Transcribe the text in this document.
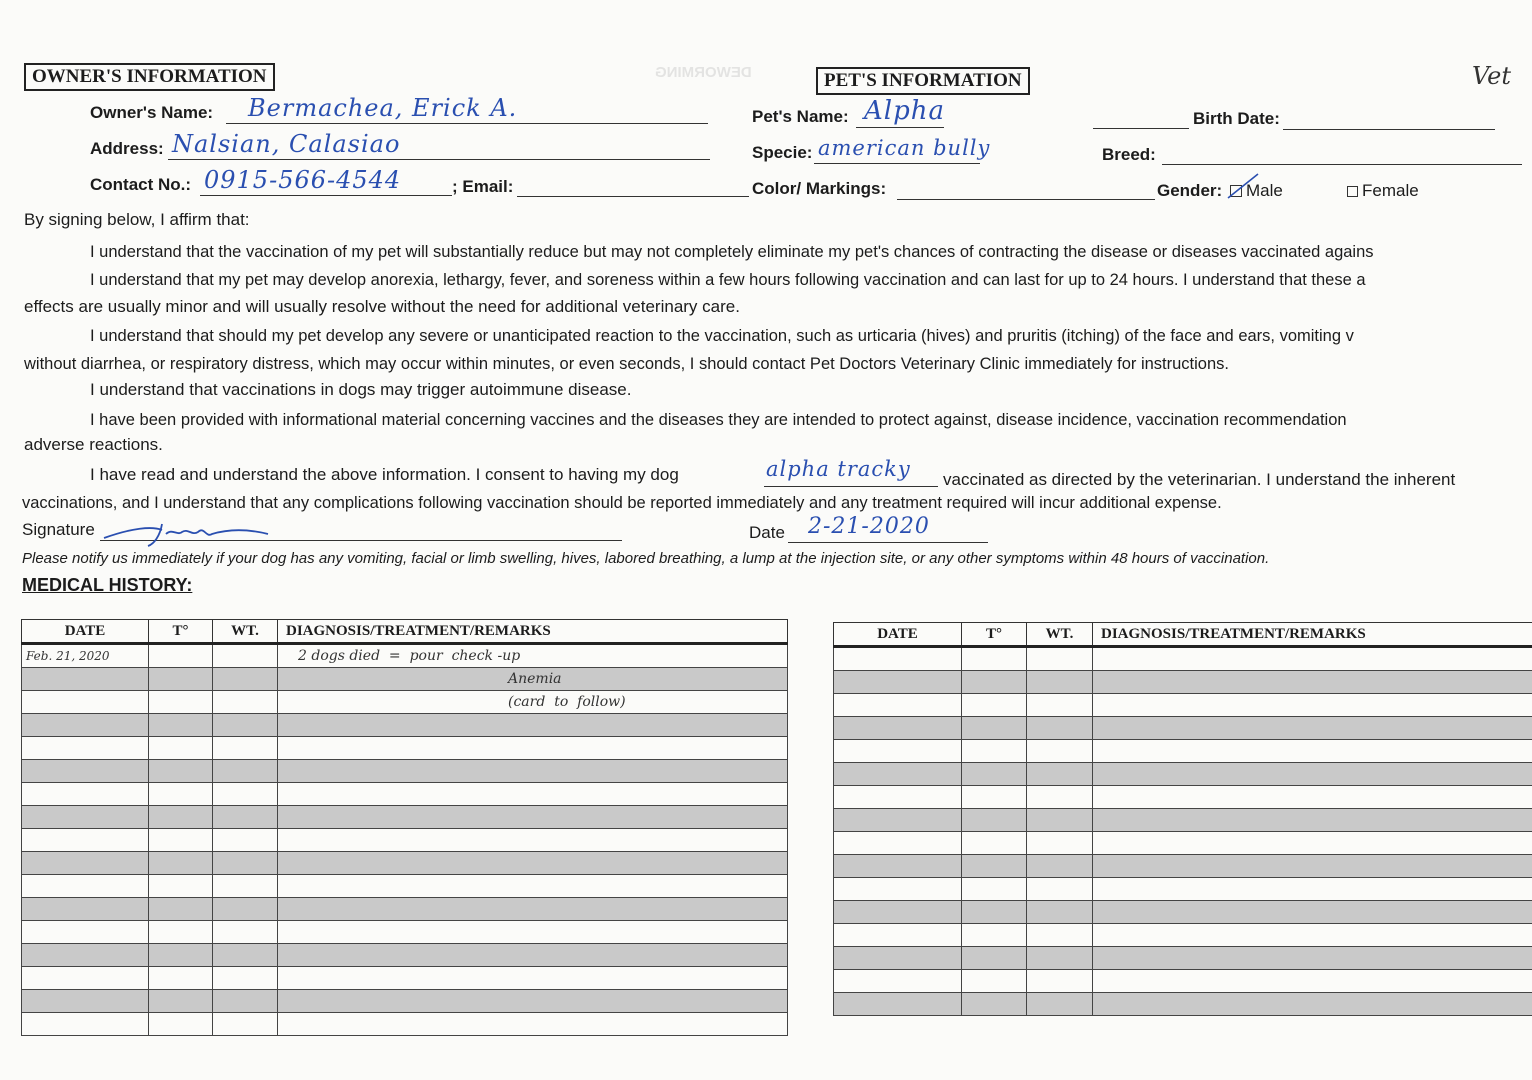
DEWORMING
OWNER'S INFORMATION
Owner's Name: Bermachea, Erick A.
Address: Nalsian, Calasiao
Contact No.: 0915-566-4544	; Email:
PET'S INFORMATION	Vet
Pet's Name: Alpha	Birth Date:
Specie: american bully	Breed:
Color/ Markings:	Gender: Male	Female
By signing below, I affirm that:
I understand that the vaccination of my pet will substantially reduce but may not completely eliminate my pet's chances of contracting the disease or diseases vaccinated agains
I understand that my pet may develop anorexia, lethargy, fever, and soreness within a few hours following vaccination and can last for up to 24 hours. I understand that these a
effects are usually minor and will usually resolve without the need for additional veterinary care.
I understand that should my pet develop any severe or unanticipated reaction to the vaccination, such as urticaria (hives) and pruritis (itching) of the face and ears, vomiting v
without diarrhea, or respiratory distress, which may occur within minutes, or even seconds, I should contact Pet Doctors Veterinary Clinic immediately for instructions.
I understand that vaccinations in dogs may trigger autoimmune disease.
I have been provided with informational material concerning vaccines and the diseases they are intended to protect against, disease incidence, vaccination recommendation
adverse reactions.
I have read and understand the above information. I consent to having my dog	alpha tracky vaccinated as directed by the veterinarian. I understand the inherent
vaccinations, and I understand that any complications following vaccination should be reported immediately and any treatment required will incur additional expense.
Signature	Date 2-21-2020
Please notify us immediately if your dog has any vomiting, facial or limb swelling, hives, labored breathing, a lump at the injection site, or any other symptoms within 48 hours of vaccination.
MEDICAL HISTORY:
DATE	T°	WT.	DIAGNOSIS/TREATMENT/REMARKS
Feb. 21, 2020			2 dogs died  =  pour  check -up
			Anemia
			(card  to  follow)

DATE	T°	WT.	DIAGNOSIS/TREATMENT/REMARKS
